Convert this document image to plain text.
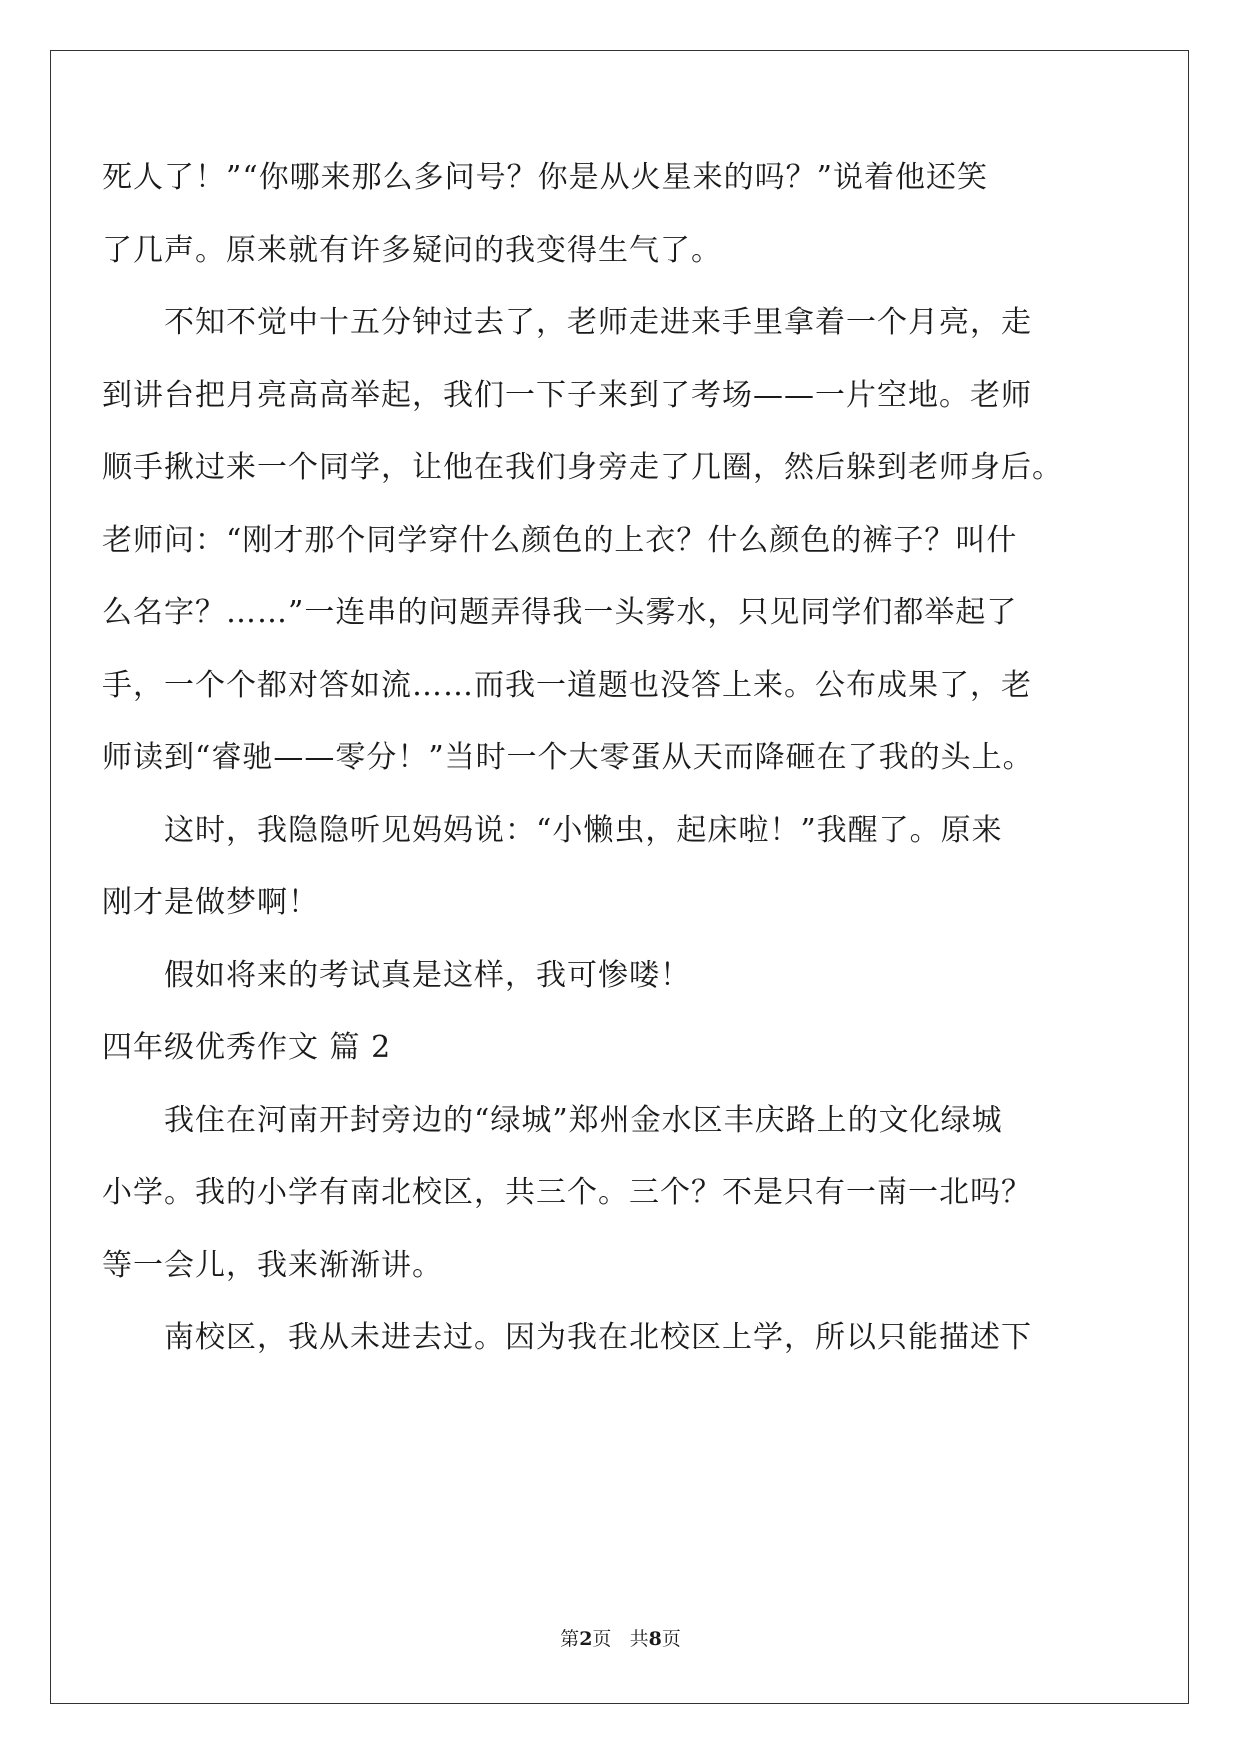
死人了！”“你哪来那么多问号？你是从火星来的吗？”说着他还笑
了几声。原来就有许多疑问的我变得生气了。
不知不觉中十五分钟过去了，老师走进来手里拿着一个月亮，走
到讲台把月亮高高举起，我们一下子来到了考场——一片空地。老师
顺手揪过来一个同学，让他在我们身旁走了几圈，然后躲到老师身后。
老师问：“刚才那个同学穿什么颜色的上衣？什么颜色的裤子？叫什
么名字？……”一连串的问题弄得我一头雾水，只见同学们都举起了
手，一个个都对答如流……而我一道题也没答上来。公布成果了，老
师读到“睿驰——零分！”当时一个大零蛋从天而降砸在了我的头上。
这时，我隐隐听见妈妈说：“小懒虫，起床啦！”我醒了。原来
刚才是做梦啊！
假如将来的考试真是这样，我可惨喽！
四年级优秀作文 篇 2
我住在河南开封旁边的“绿城”郑州金水区丰庆路上的文化绿城
小学。我的小学有南北校区，共三个。三个？不是只有一南一北吗？
等一会儿，我来渐渐讲。
南校区，我从未进去过。因为我在北校区上学，所以只能描述下
第2页 共8页
